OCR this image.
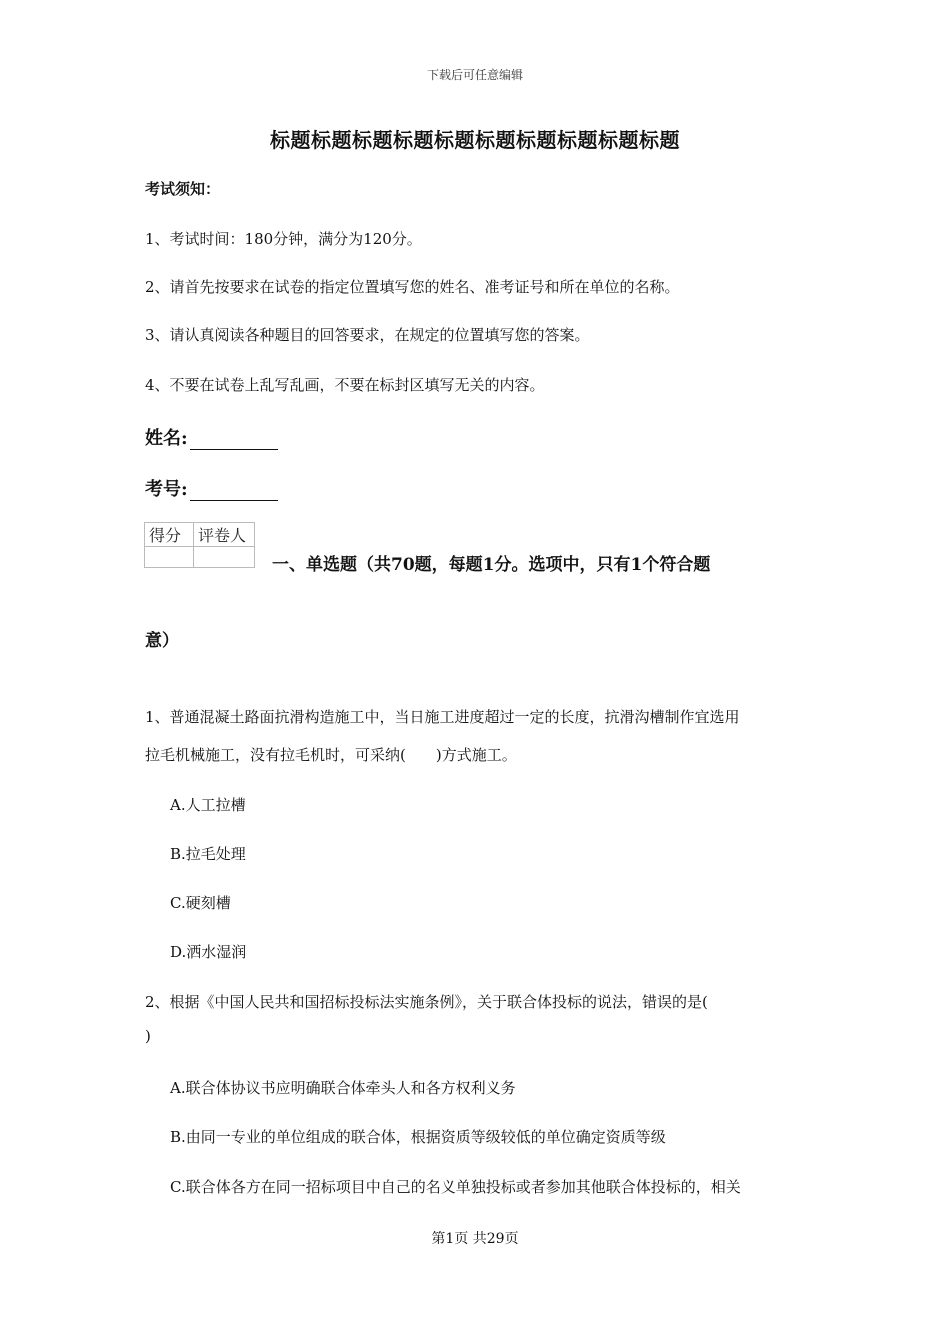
下载后可任意编辑
标题标题标题标题标题标题标题标题标题标题
考试须知：
1、考试时间：180分钟，满分为120分。
2、请首先按要求在试卷的指定位置填写您的姓名、准考证号和所在单位的名称。
3、请认真阅读各种题目的回答要求，在规定的位置填写您的答案。
4、不要在试卷上乱写乱画，不要在标封区填写无关的内容。
姓名:
考号:
得分	评卷人

一、单选题（共70题，每题1分。选项中，只有1个符合题
意）
1、普通混凝土路面抗滑构造施工中，当日施工进度超过一定的长度，抗滑沟槽制作宜选用
拉毛机械施工，没有拉毛机时，可采纳(　　)方式施工。
A.人工拉槽
B.拉毛处理
C.硬刻槽
D.洒水湿润
2、根据《中国人民共和国招标投标法实施条例》，关于联合体投标的说法，错误的是(
)
A.联合体协议书应明确联合体牵头人和各方权利义务
B.由同一专业的单位组成的联合体，根据资质等级较低的单位确定资质等级
C.联合体各方在同一招标项目中自己的名义单独投标或者参加其他联合体投标的，相关
第1页 共29页
